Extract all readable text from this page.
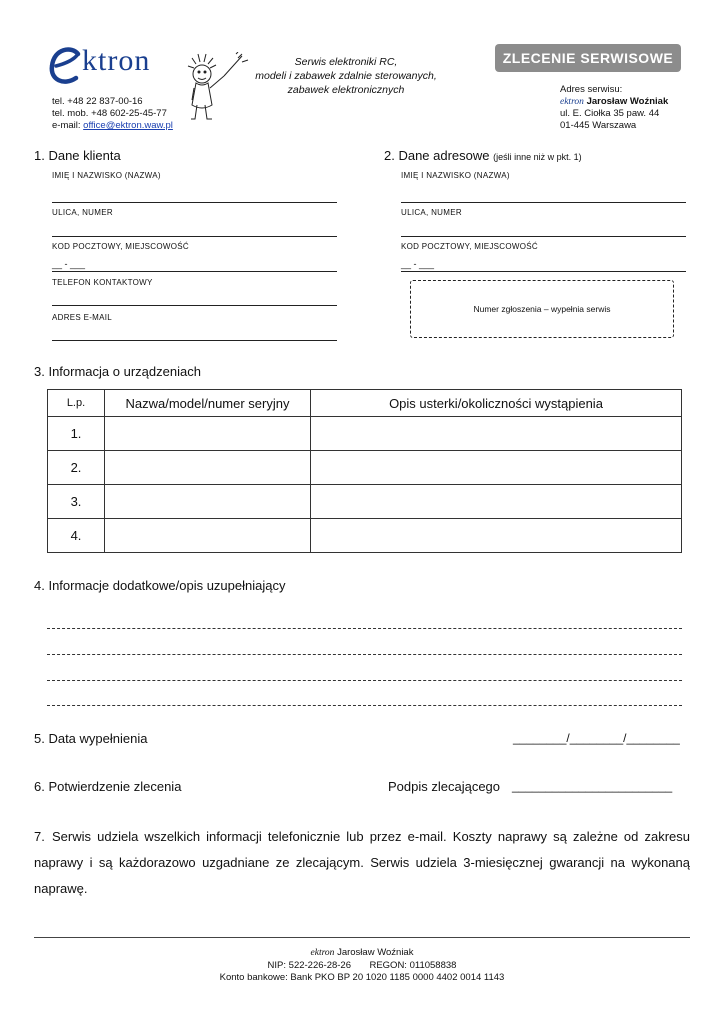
ktron
tel. +48 22 837-00-16
tel. mob. +48 602-25-45-77
e-mail: office@ektron.waw.pl
Serwis elektroniki RC,
modeli i zabawek zdalnie sterowanych,
zabawek elektronicznych
ZLECENIE SERWISOWE
Adres serwisu:
ektron Jarosław Woźniak
ul. E. Ciołka 35 paw. 44
01-445 Warszawa
1. Dane klienta
IMIĘ I NAZWISKO (NAZWA)
ULICA, NUMER
KOD POCZTOWY, MIEJSCOWOŚĆ
__ - ___
TELEFON KONTAKTOWY
ADRES E-MAIL
2. Dane adresowe (jeśli inne niż w pkt. 1)
IMIĘ I NAZWISKO (NAZWA)
ULICA, NUMER
KOD POCZTOWY, MIEJSCOWOŚĆ
__ - ___
Numer zgłoszenia – wypełnia serwis
3. Informacja o urządzeniach
L.p.	Nazwa/model/numer seryjny	Opis usterki/okoliczności wystąpienia
1.		
2.		
3.		
4.		
4. Informacje dodatkowe/opis uzupełniający
5. Data wypełnienia	________/________/________
6. Potwierdzenie zlecenia	Podpis zlecającego ________________________
7. Serwis udziela wszelkich informacji telefonicznie lub przez e-mail. Koszty naprawy są zależne od zakresu naprawy i są każdorazowo uzgadniane ze zlecającym. Serwis udziela 3-miesięcznej gwarancji na wykonaną naprawę.
ektron Jarosław Woźniak
NIP: 522-226-28-26       REGON: 011058838
Konto bankowe: Bank PKO BP 20 1020 1185 0000 4402 0014 1143
